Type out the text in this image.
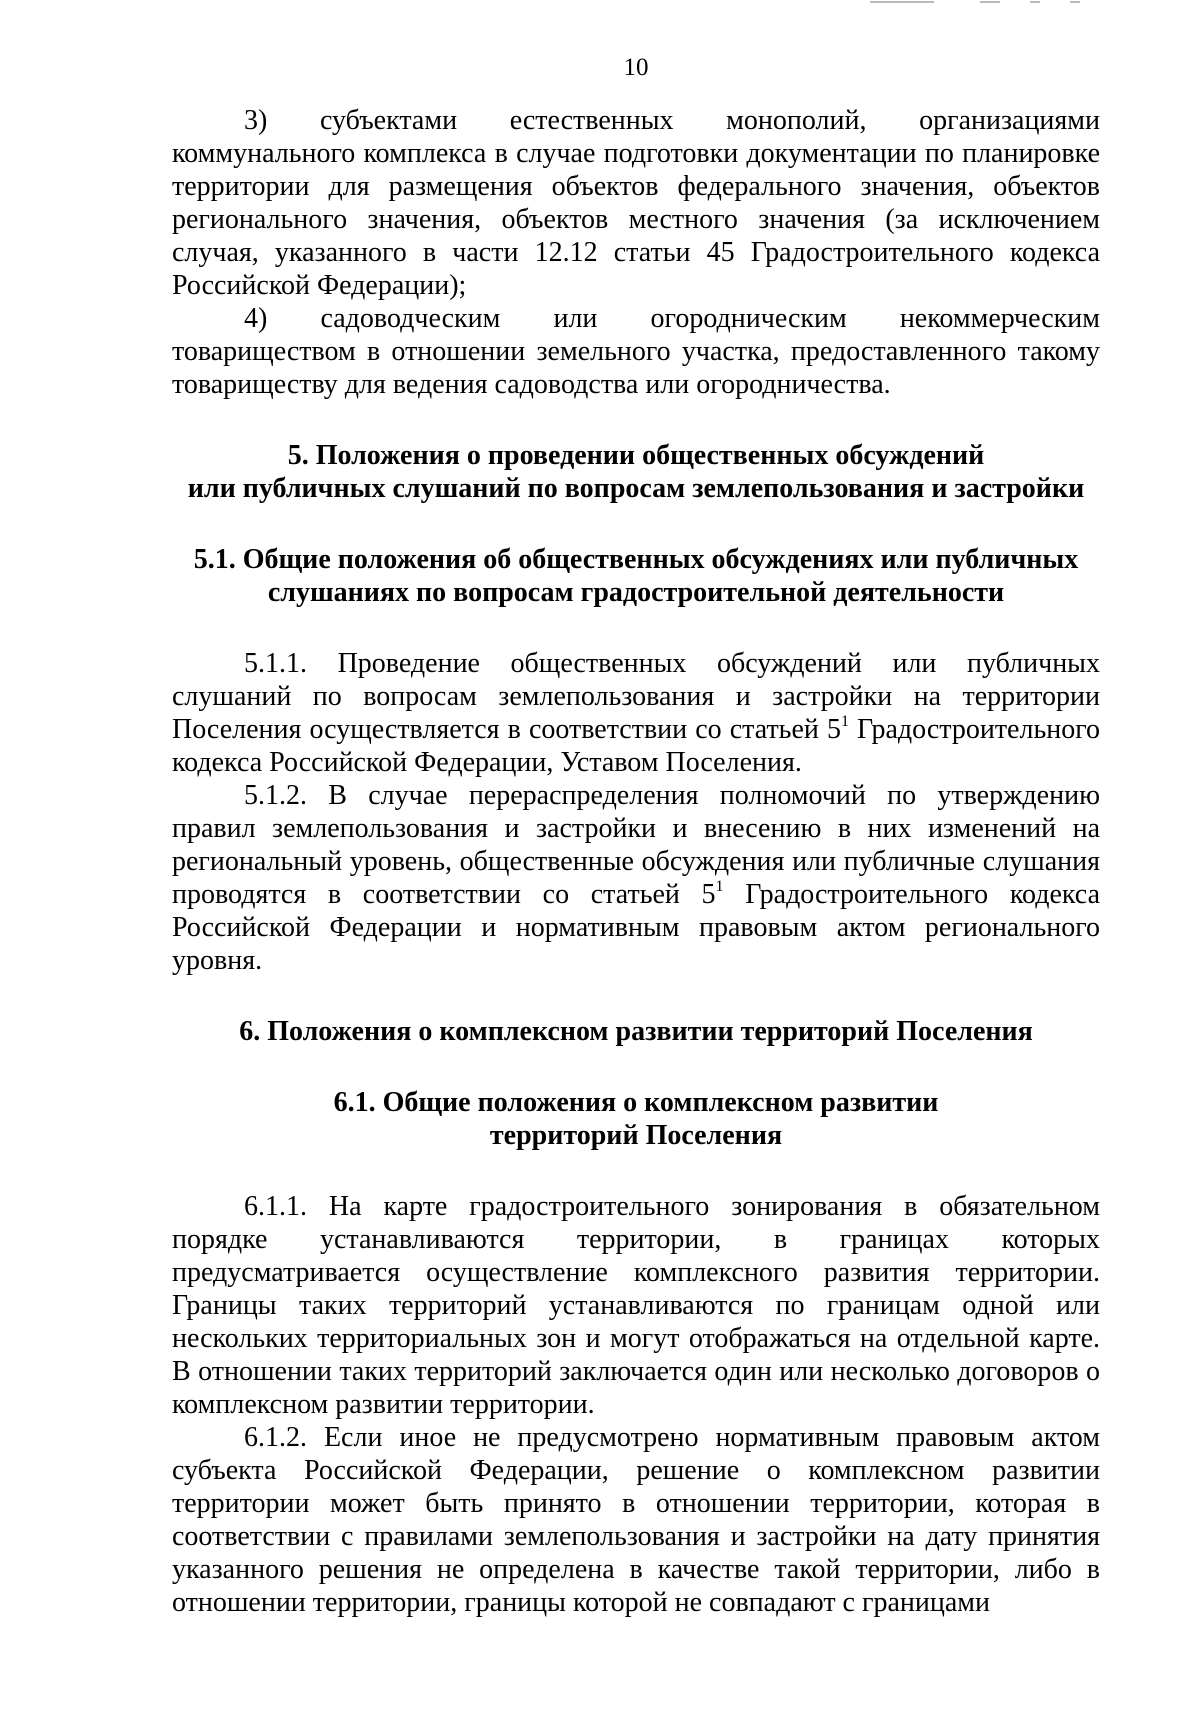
10

3) субъектами естественных монополий, организациями коммунального комплекса в случае подготовки документации по планировке территории для размещения объектов федерального значения, объектов регионального значения, объектов местного значения (за исключением случая, указанного в части 12.12 статьи 45 Градостроительного кодекса Российской Федерации);

4) садоводческим или огородническим некоммерческим товариществом в отношении земельного участка, предоставленного такому товариществу для ведения садоводства или огородничества.

5. Положения о проведении общественных обсуждений
или публичных слушаний по вопросам землепользования и застройки
5.1. Общие положения об общественных обсуждениях или публичных
слушаниях по вопросам градостроительной деятельности

5.1.1. Проведение общественных обсуждений или публичных слушаний по вопросам землепользования и застройки на территории Поселения осуществляется в соответствии со статьей $5^1$ Градостроительного кодекса Российской Федерации, Уставом Поселения.

5.1.2. В случае перераспределения полномочий по утверждению правил землепользования и застройки и внесению в них изменений на региональный уровень, общественные обсуждения или публичные слушания проводятся в соответствии со статьей $5^1$ Градостроительного кодекса Российской Федерации и нормативным правовым актом регионального уровня.

6. Положения о комплексном развитии территорий Поселения
6.1. Общие положения о комплексном развитии
территорий Поселения

6.1.1. На карте градостроительного зонирования в обязательном порядке устанавливаются территории, в границах которых предусматривается осуществление комплексного развития территории. Границы таких территорий устанавливаются по границам одной или нескольких территориальных зон и могут отображаться на отдельной карте. В отношении таких территорий заключается один или несколько договоров о комплексном развитии территории.

6.1.2. Если иное не предусмотрено нормативным правовым актом субъекта Российской Федерации, решение о комплексном развитии территории может быть принято в отношении территории, которая в соответствии с правилами землепользования и застройки на дату принятия указанного решения не определена в качестве такой территории, либо в отношении территории, границы которой не совпадают с границами
